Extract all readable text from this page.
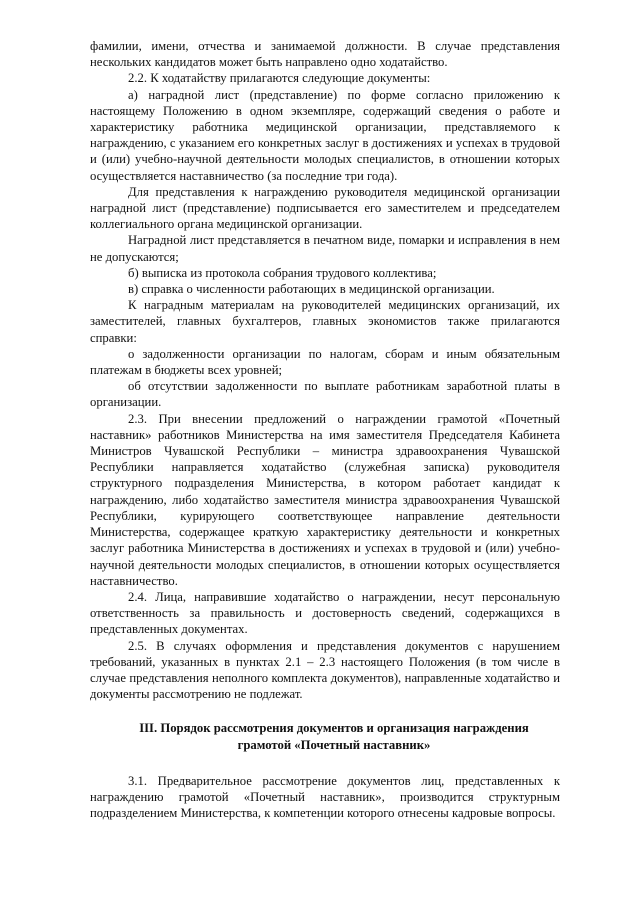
фамилии, имени, отчества и занимаемой должности. В случае представления нескольких кандидатов может быть направлено одно ходатайство.

2.2. К ходатайству прилагаются следующие документы:

а) наградной лист (представление) по форме согласно приложению к настоящему Положению в одном экземпляре, содержащий сведения о работе и характеристику работника медицинской организации, представляемого к награждению, с указанием его конкретных заслуг в достижениях и успехах в трудовой и (или) учебно-научной деятельности молодых специалистов, в отношении которых осуществляется наставничество (за последние три года).

Для представления к награждению руководителя медицинской организации наградной лист (представление) подписывается его заместителем и председателем коллегиального органа медицинской организации.

Наградной лист представляется в печатном виде, помарки и исправления в нем не допускаются;

б) выписка из протокола собрания трудового коллектива;

в) справка о численности работающих в медицинской организации.

К наградным материалам на руководителей медицинских организаций, их заместителей, главных бухгалтеров, главных экономистов также прилагаются справки:

о задолженности организации по налогам, сборам и иным обязательным платежам в бюджеты всех уровней;

об отсутствии задолженности по выплате работникам заработной платы в организации.

2.3. При внесении предложений о награждении грамотой «Почетный наставник» работников Министерства на имя заместителя Председателя Кабинета Министров Чувашской Республики – министра здравоохранения Чувашской Республики направляется ходатайство (служебная записка) руководителя структурного подразделения Министерства, в котором работает кандидат к награждению, либо ходатайство заместителя министра здравоохранения Чувашской Республики, курирующего соответствующее направление деятельности Министерства, содержащее краткую характеристику деятельности и конкретных заслуг работника Министерства в достижениях и успехах в трудовой и (или) учебно-научной деятельности молодых специалистов, в отношении которых осуществляется наставничество.

2.4. Лица, направившие ходатайство о награждении, несут персональную ответственность за правильность и достоверность сведений, содержащихся в представленных документах.

2.5. В случаях оформления и представления документов с нарушением требований, указанных в пунктах 2.1 – 2.3 настоящего Положения (в том числе в случае представления неполного комплекта документов), направленные ходатайство и документы рассмотрению не подлежат.

III. Порядок рассмотрения документов и организация награждения

грамотой «Почетный наставник»

3.1. Предварительное рассмотрение документов лиц, представленных к награждению грамотой «Почетный наставник», производится структурным подразделением Министерства, к компетенции которого отнесены кадровые вопросы.
